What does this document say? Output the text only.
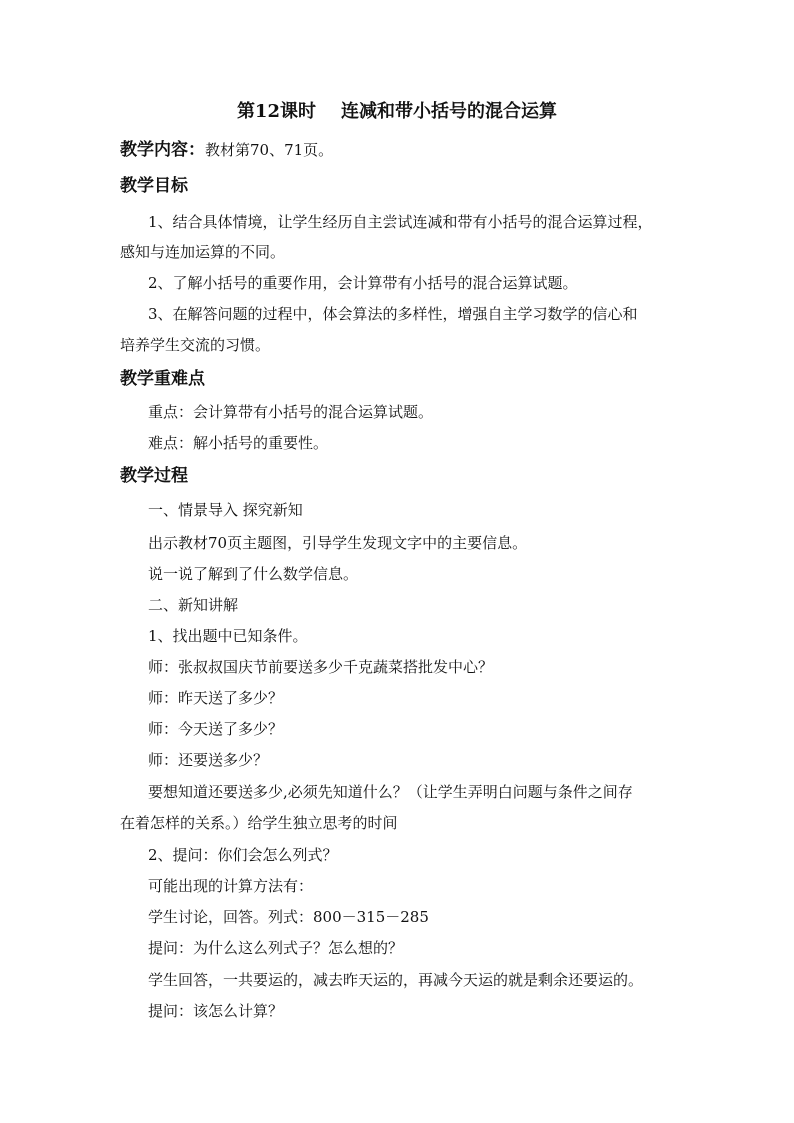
第12课时    连减和带小括号的混合运算
教学内容：教材第70、71页。
教学目标
1、结合具体情境，让学生经历自主尝试连减和带有小括号的混合运算过程，
感知与连加运算的不同。
2、了解小括号的重要作用，会计算带有小括号的混合运算试题。
3、在解答问题的过程中，体会算法的多样性，增强自主学习数学的信心和
培养学生交流的习惯。
教学重难点
重点：会计算带有小括号的混合运算试题。
难点：解小括号的重要性。
教学过程
一、情景导入 探究新知
出示教材70页主题图，引导学生发现文字中的主要信息。
说一说了解到了什么数学信息。
二、新知讲解
1、找出题中已知条件。
师：张叔叔国庆节前要送多少千克蔬菜搭批发中心？
师：昨天送了多少？
师：今天送了多少？
师：还要送多少？
要想知道还要送多少,必须先知道什么？（让学生弄明白问题与条件之间存
在着怎样的关系。）给学生独立思考的时间
2、提问：你们会怎么列式？
可能出现的计算方法有：
学生讨论，回答。列式：800－315－285
提问：为什么这么列式子？怎么想的？
学生回答，一共要运的，减去昨天运的，再减今天运的就是剩余还要运的。
提问：该怎么计算？
